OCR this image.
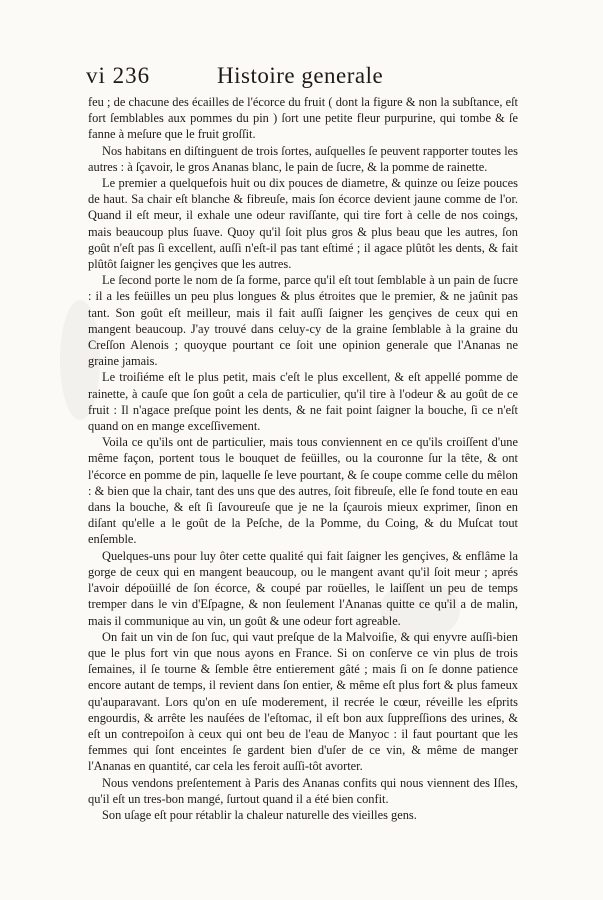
vi 236	Histoire generale

feu ; de chacune des écailles de l'écorce du fruit ( dont la figure & non la subſtance, eſt fort ſemblables aux pommes du pin ) ſort une petite fleur purpurine, qui tombe & ſe fanne à meſure que le fruit groſſit.

Nos habitans en diſtinguent de trois ſortes, auſquelles ſe peuvent rapporter toutes les autres : à ſçavoir, le gros Ananas blanc, le pain de ſucre, & la pomme de rainette.

Le premier a quelquefois huit ou dix pouces de diametre, & quinze ou ſeize pouces de haut. Sa chair eſt blanche & fibreuſe, mais ſon écorce devient jaune comme de l'or. Quand il eſt meur, il exhale une odeur raviſſante, qui tire fort à celle de nos coings, mais beaucoup plus ſuave. Quoy qu'il ſoit plus gros & plus beau que les autres, ſon goût n'eſt pas ſi excellent, auſſi n'eſt-il pas tant eſtimé ; il agace plûtôt les dents, & fait plûtôt ſaigner les gençives que les autres.

Le ſecond porte le nom de ſa forme, parce qu'il eſt tout ſemblable à un pain de ſucre : il a les feüilles un peu plus longues & plus étroites que le premier, & ne jaûnit pas tant. Son goût eſt meilleur, mais il fait auſſi ſaigner les gençives de ceux qui en mangent beaucoup. J'ay trouvé dans celuy-cy de la graine ſemblable à la graine du Creſſon Alenois ; quoyque pourtant ce ſoit une opinion generale que l'Ananas ne graine jamais.

Le troiſiéme eſt le plus petit, mais c'eſt le plus excellent, & eſt appellé pomme de rainette, à cauſe que ſon goût a cela de particulier, qu'il tire à l'odeur & au goût de ce fruit : Il n'agace preſque point les dents, & ne fait point ſaigner la bouche, ſi ce n'eſt quand on en mange exceſſivement.

Voila ce qu'ils ont de particulier, mais tous conviennent en ce qu'ils croiſſent d'une même façon, portent tous le bouquet de feüilles, ou la couronne ſur la tête, & ont l'écorce en pomme de pin, laquelle ſe leve pourtant, & ſe coupe comme celle du mêlon : & bien que la chair, tant des uns que des autres, ſoit fibreuſe, elle ſe fond toute en eau dans la bouche, & eſt ſi ſavoureuſe que je ne la ſçaurois mieux exprimer, ſinon en diſant qu'elle a le goût de la Peſche, de la Pomme, du Coing, & du Muſcat tout enſemble.

Quelques-uns pour luy ôter cette qualité qui fait ſaigner les gençives, & enflâme la gorge de ceux qui en mangent beaucoup, ou le mangent avant qu'il ſoit meur ; aprés l'avoir dépoüillé de ſon écorce, & coupé par roüelles, le laiſſent un peu de temps tremper dans le vin d'Eſpagne, & non ſeulement l'Ananas quitte ce qu'il a de malin, mais il communique au vin, un goût & une odeur fort agreable.

On fait un vin de ſon ſuc, qui vaut preſque de la Malvoiſie, & qui enyvre auſſi-bien que le plus fort vin que nous ayons en France. Si on conſerve ce vin plus de trois ſemaines, il ſe tourne & ſemble être entierement gâté ; mais ſi on ſe donne patience encore autant de temps, il revient dans ſon entier, & même eſt plus fort & plus fameux qu'auparavant. Lors qu'on en uſe moderement, il recrée le cœur, réveille les eſprits engourdis, & arrête les nauſées de l'eſtomac, il eſt bon aux ſuppreſſions des urines, & eſt un contrepoiſon à ceux qui ont beu de l'eau de Manyoc : il faut pourtant que les femmes qui ſont enceintes ſe gardent bien d'uſer de ce vin, & même de manger l'Ananas en quantité, car cela les feroit auſſi-tôt avorter.

Nous vendons preſentement à Paris des Ananas confits qui nous viennent des Iſles, qu'il eſt un tres-bon mangé, ſurtout quand il a été bien confit.

Son uſage eſt pour rétablir la chaleur naturelle des vieilles gens.
